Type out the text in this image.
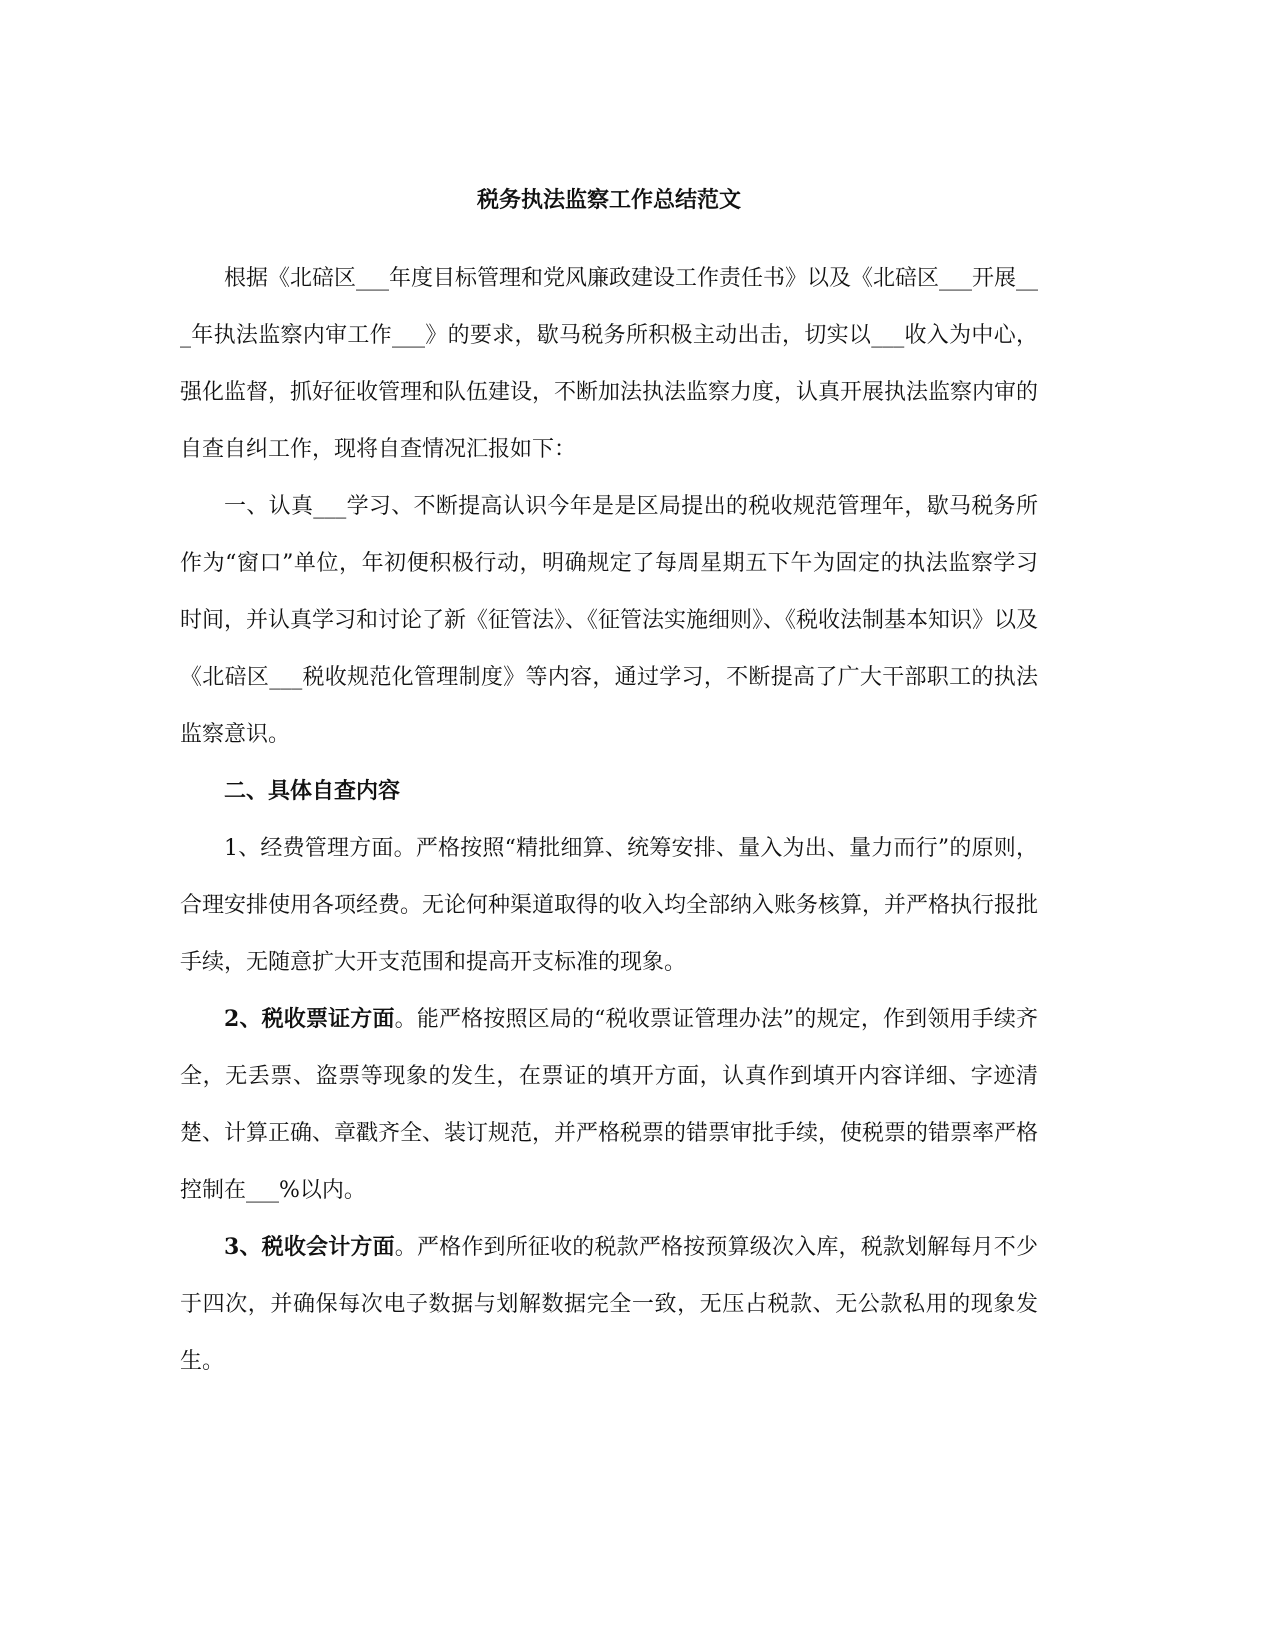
税务执法监察工作总结范文

根据《北碚区___年度目标管理和党风廉政建设工作责任书》以及《北碚区___开展___年执法监察内审工作___》的要求，歇马税务所积极主动出击，切实以___收入为中心，强化监督，抓好征收管理和队伍建设，不断加法执法监察力度，认真开展执法监察内审的自查自纠工作，现将自查情况汇报如下：

一、认真___学习、不断提高认识今年是是区局提出的税收规范管理年，歇马税务所作为“窗口”单位，年初便积极行动，明确规定了每周星期五下午为固定的执法监察学习时间，并认真学习和讨论了新《征管法》、《征管法实施细则》、《税收法制基本知识》以及《北碚区___税收规范化管理制度》等内容，通过学习，不断提高了广大干部职工的执法监察意识。

二、具体自查内容

1、经费管理方面。严格按照“精批细算、统筹安排、量入为出、量力而行”的原则，合理安排使用各项经费。无论何种渠道取得的收入均全部纳入账务核算，并严格执行报批手续，无随意扩大开支范围和提高开支标准的现象。

2、税收票证方面。能严格按照区局的“税收票证管理办法”的规定，作到领用手续齐全，无丢票、盗票等现象的发生，在票证的填开方面，认真作到填开内容详细、字迹清楚、计算正确、章戳齐全、装订规范，并严格税票的错票审批手续，使税票的错票率严格控制在___%以内。

3、税收会计方面。严格作到所征收的税款严格按预算级次入库，税款划解每月不少于四次，并确保每次电子数据与划解数据完全一致，无压占税款、无公款私用的现象发生。
